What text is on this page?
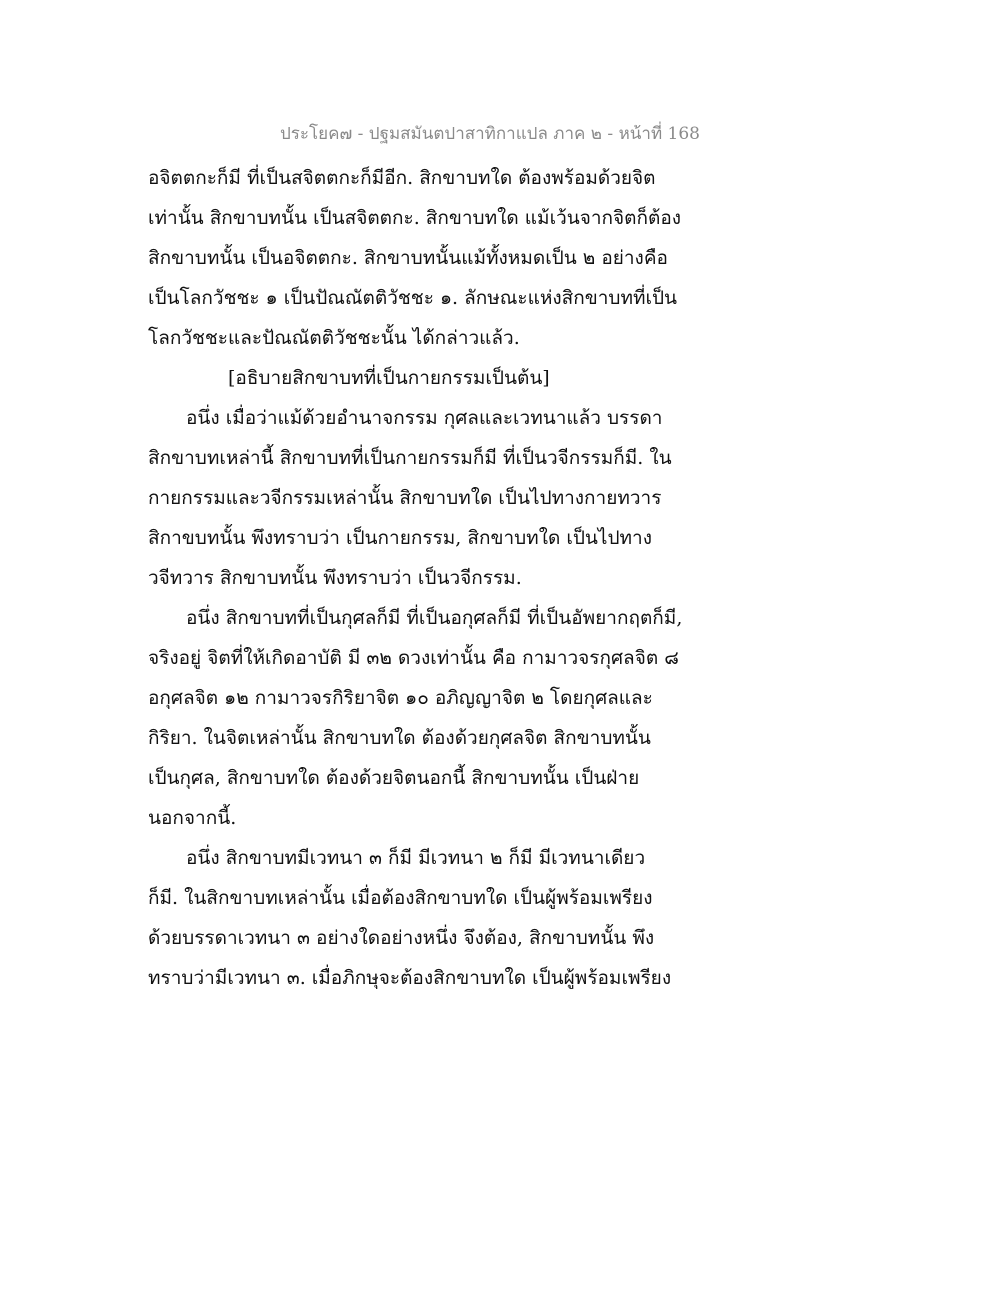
ประโยค๗ - ปฐมสมันตปาสาทิกาแปล ภาค ๒ - หน้าที่ 168
อจิตตกะก็มี ที่เป็นสจิตตกะก็มีอีก. สิกขาบทใด ต้องพร้อมด้วยจิต
เท่านั้น สิกขาบทนั้น เป็นสจิตตกะ. สิกขาบทใด แม้เว้นจากจิตก็ต้อง
สิกขาบทนั้น เป็นอจิตตกะ. สิกขาบทนั้นแม้ทั้งหมดเป็น ๒ อย่างคือ
เป็นโลกวัชชะ ๑ เป็นปัณณัตติวัชชะ ๑. ลักษณะแห่งสิกขาบทที่เป็น
โลกวัชชะและปัณณัตติวัชชะนั้น ได้กล่าวแล้ว.
[อธิบายสิกขาบทที่เป็นกายกรรมเป็นต้น]
อนึ่ง เมื่อว่าแม้ด้วยอำนาจกรรม กุศลและเวทนาแล้ว บรรดา
สิกขาบทเหล่านี้ สิกขาบทที่เป็นกายกรรมก็มี ที่เป็นวจีกรรมก็มี. ใน
กายกรรมและวจีกรรมเหล่านั้น สิกขาบทใด เป็นไปทางกายทวาร
สิกาขบทนั้น พึงทราบว่า เป็นกายกรรม, สิกขาบทใด เป็นไปทาง
วจีทวาร สิกขาบทนั้น พึงทราบว่า เป็นวจีกรรม.
อนึ่ง สิกขาบทที่เป็นกุศลก็มี ที่เป็นอกุศลก็มี ที่เป็นอัพยากฤตก็มี,
จริงอยู่ จิตที่ให้เกิดอาบัติ มี ๓๒ ดวงเท่านั้น คือ กามาวจรกุศลจิต ๘
อกุศลจิต ๑๒ กามาวจรกิริยาจิต ๑๐ อภิญญาจิต ๒ โดยกุศลและ
กิริยา. ในจิตเหล่านั้น สิกขาบทใด ต้องด้วยกุศลจิต สิกขาบทนั้น
เป็นกุศล, สิกขาบทใด ต้องด้วยจิตนอกนี้ สิกขาบทนั้น เป็นฝ่าย
นอกจากนี้.
อนึ่ง สิกขาบทมีเวทนา ๓ ก็มี มีเวทนา ๒ ก็มี มีเวทนาเดียว
ก็มี. ในสิกขาบทเหล่านั้น เมื่อต้องสิกขาบทใด เป็นผู้พร้อมเพรียง
ด้วยบรรดาเวทนา ๓ อย่างใดอย่างหนึ่ง จึงต้อง, สิกขาบทนั้น พึง
ทราบว่ามีเวทนา ๓. เมื่อภิกษุจะต้องสิกขาบทใด เป็นผู้พร้อมเพรียง
